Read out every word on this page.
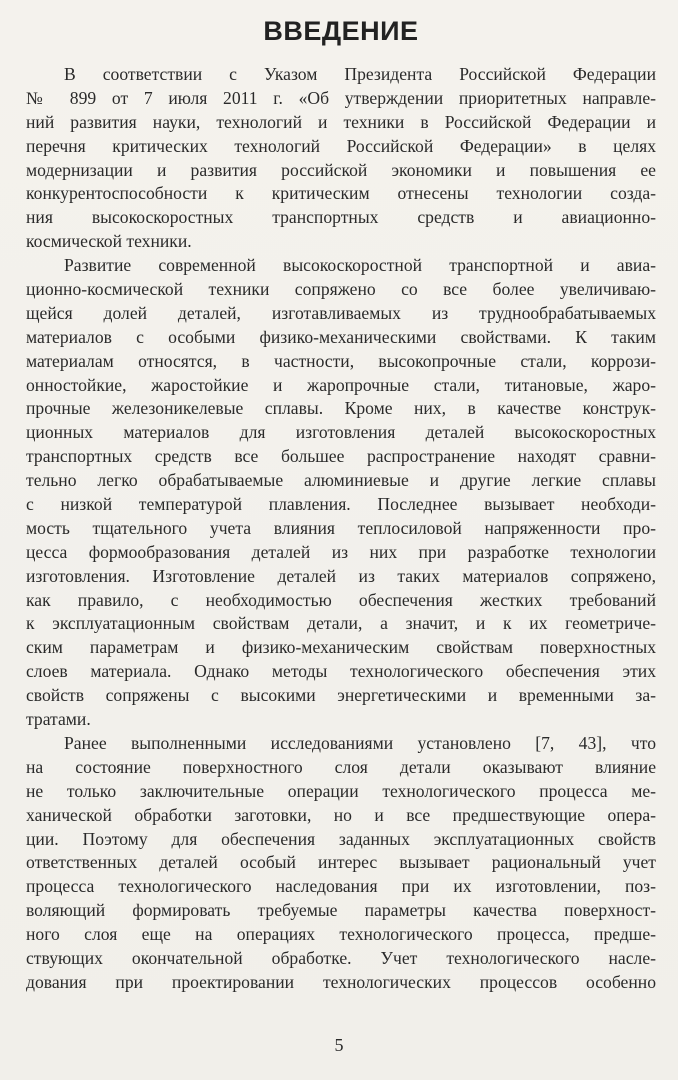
ВВЕДЕНИЕ
В соответствии с Указом Президента Российской Федерации
№ 899 от 7 июля 2011 г. «Об утверждении приоритетных направле-
ний развития науки, технологий и техники в Российской Федерации и
перечня критических технологий Российской Федерации» в целях
модернизации и развития российской экономики и повышения ее
конкурентоспособности к критическим отнесены технологии созда-
ния высокоскоростных транспортных средств и авиационно-
космической техники.
Развитие современной высокоскоростной транспортной и авиа-
ционно-космической техники сопряжено со все более увеличиваю-
щейся долей деталей, изготавливаемых из труднообрабатываемых
материалов с особыми физико-механическими свойствами. К таким
материалам относятся, в частности, высокопрочные стали, коррози-
онностойкие, жаростойкие и жаропрочные стали, титановые, жаро-
прочные железоникелевые сплавы. Кроме них, в качестве конструк-
ционных материалов для изготовления деталей высокоскоростных
транспортных средств все большее распространение находят сравни-
тельно легко обрабатываемые алюминиевые и другие легкие сплавы
с низкой температурой плавления. Последнее вызывает необходи-
мость тщательного учета влияния теплосиловой напряженности про-
цесса формообразования деталей из них при разработке технологии
изготовления. Изготовление деталей из таких материалов сопряжено,
как правило, с необходимостью обеспечения жестких требований
к эксплуатационным свойствам детали, а значит, и к их геометриче-
ским параметрам и физико-механическим свойствам поверхностных
слоев материала. Однако методы технологического обеспечения этих
свойств сопряжены с высокими энергетическими и временными за-
тратами.
Ранее выполненными исследованиями установлено [7, 43], что
на состояние поверхностного слоя детали оказывают влияние
не только заключительные операции технологического процесса ме-
ханической обработки заготовки, но и все предшествующие опера-
ции. Поэтому для обеспечения заданных эксплуатационных свойств
ответственных деталей особый интерес вызывает рациональный учет
процесса технологического наследования при их изготовлении, поз-
воляющий формировать требуемые параметры качества поверхност-
ного слоя еще на операциях технологического процесса, предше-
ствующих окончательной обработке. Учет технологического насле-
дования при проектировании технологических процессов особенно
5
